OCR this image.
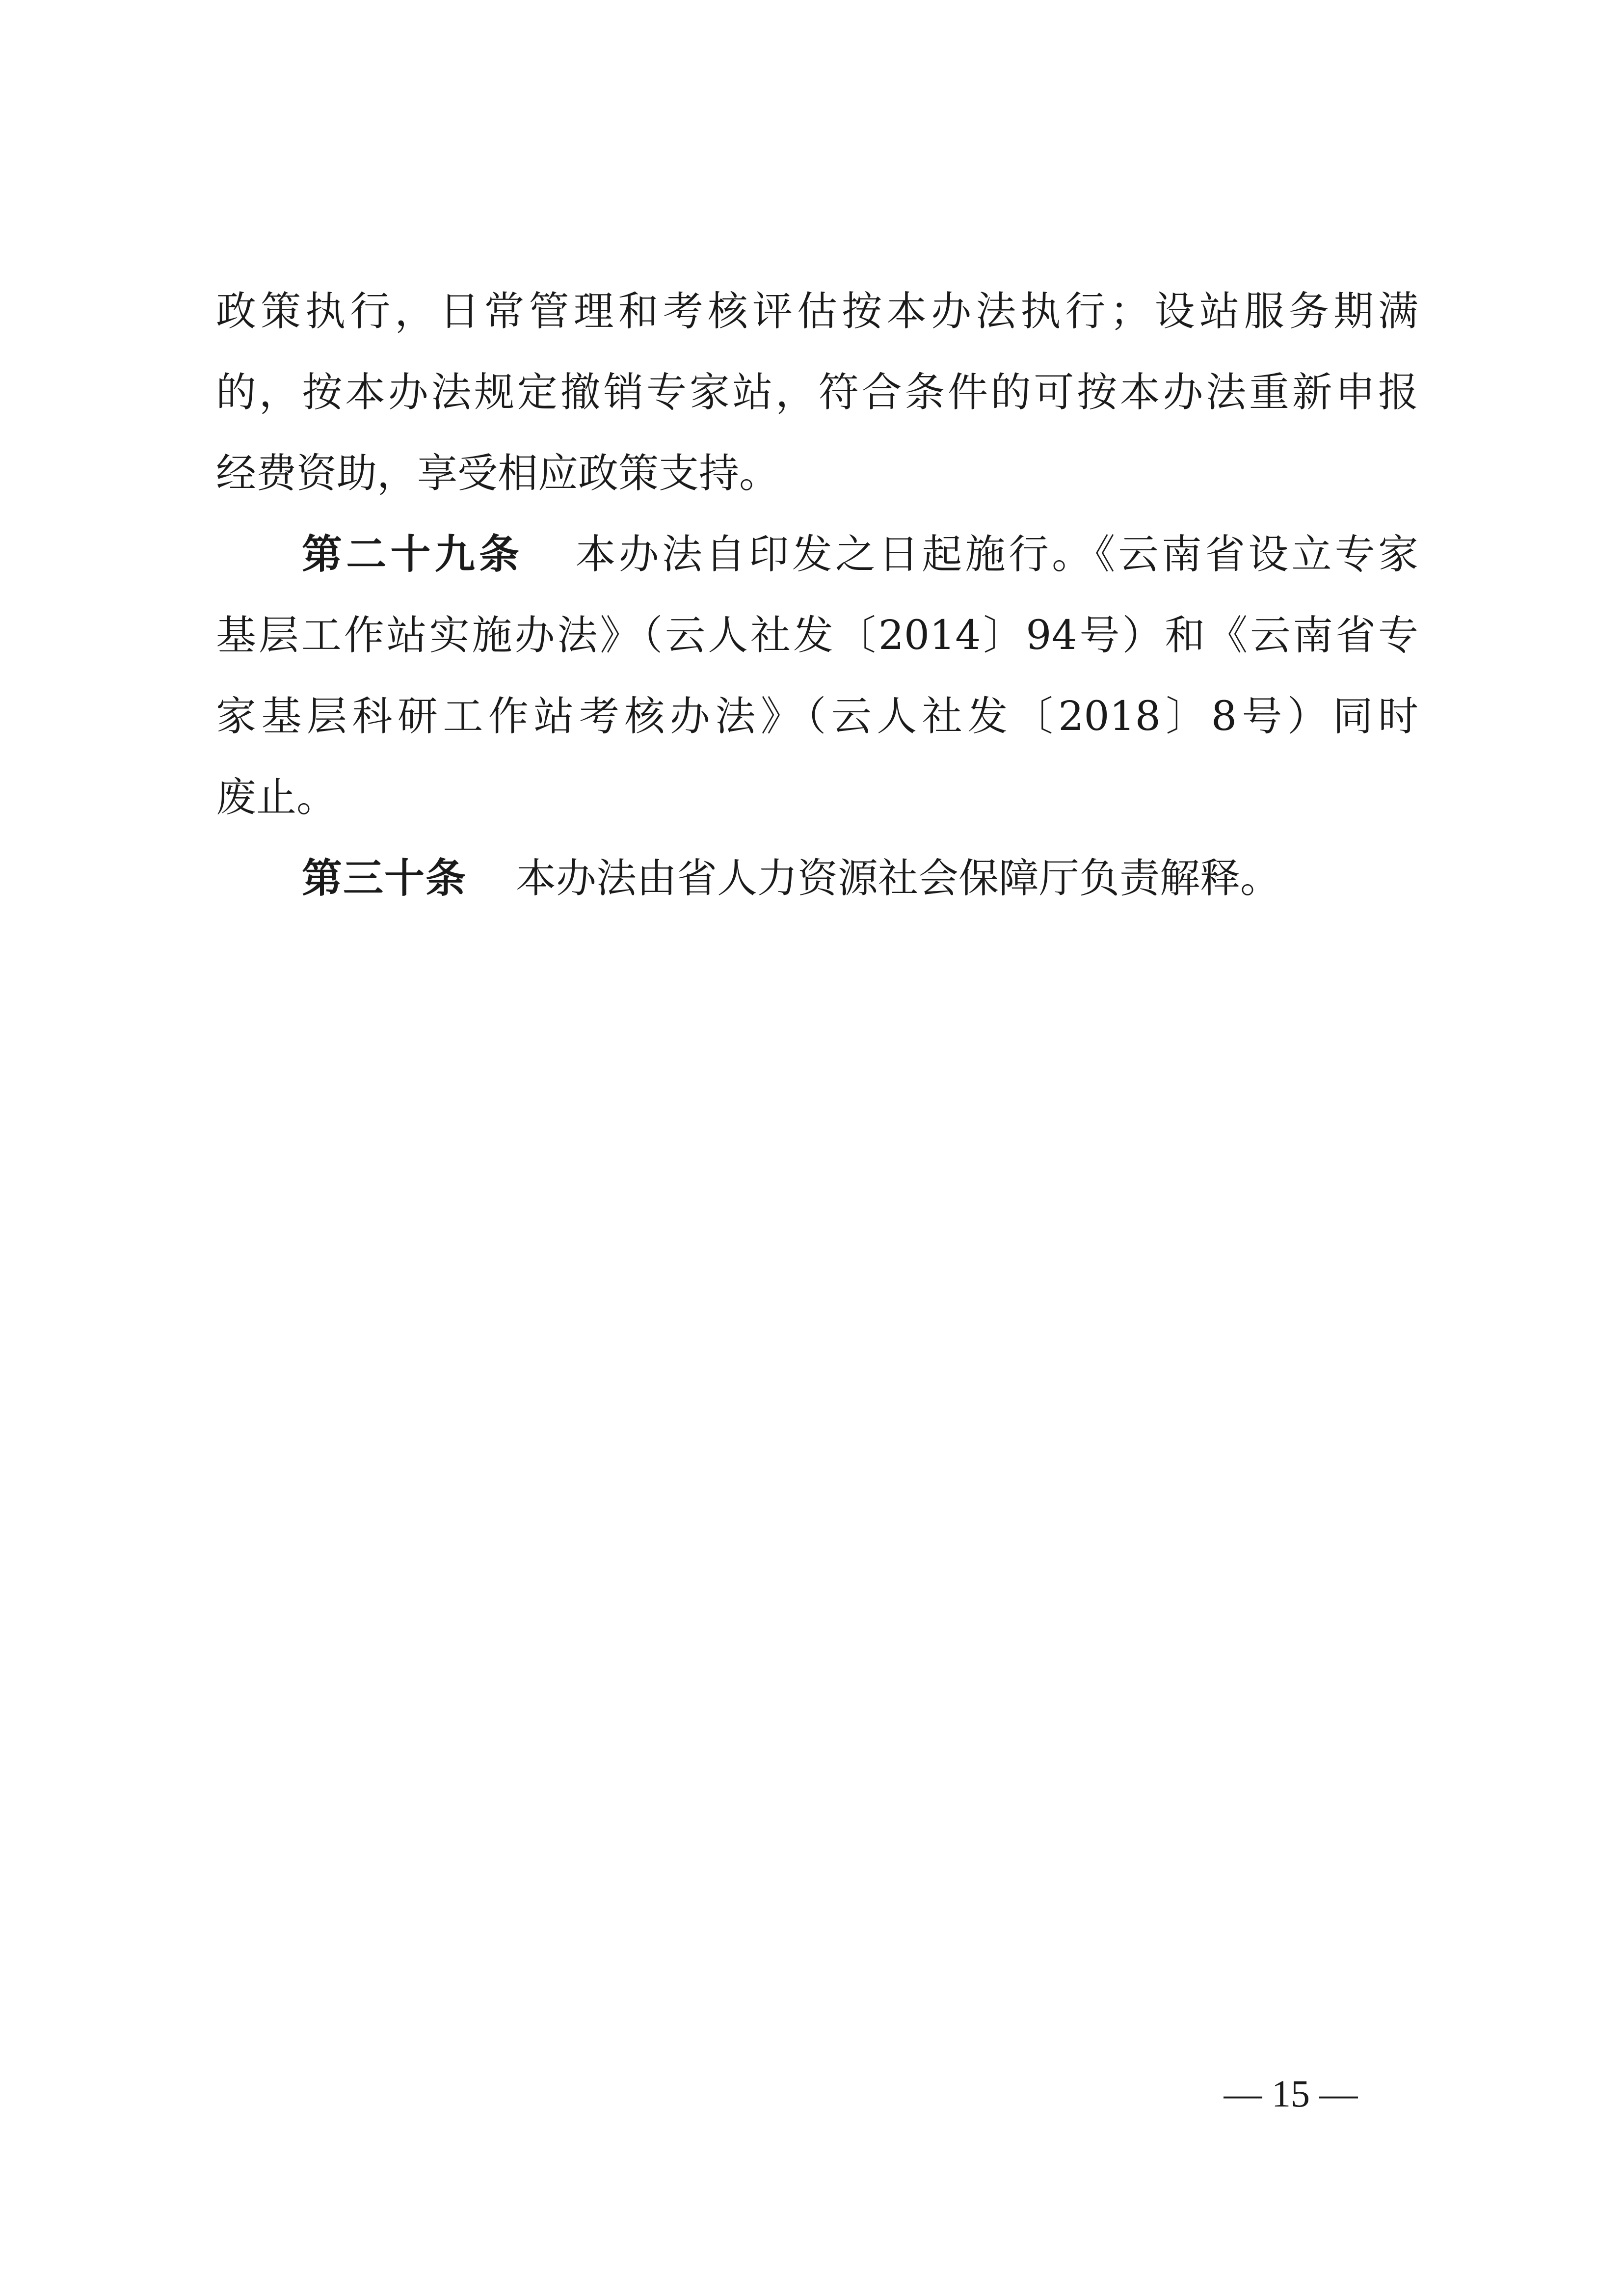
政策执行，日常管理和考核评估按本办法执行；设站服务期满
的，按本办法规定撤销专家站，符合条件的可按本办法重新申报
经费资助，享受相应政策支持。
第二十九条 本办法自印发之日起施行。《云南省设立专家
基层工作站实施办法》（云人社发〔2014〕94号）和《云南省专
家基层科研工作站考核办法》（云人社发〔2018〕8号）同时
废止。
第三十条 本办法由省人力资源社会保障厅负责解释。
— 15 —
